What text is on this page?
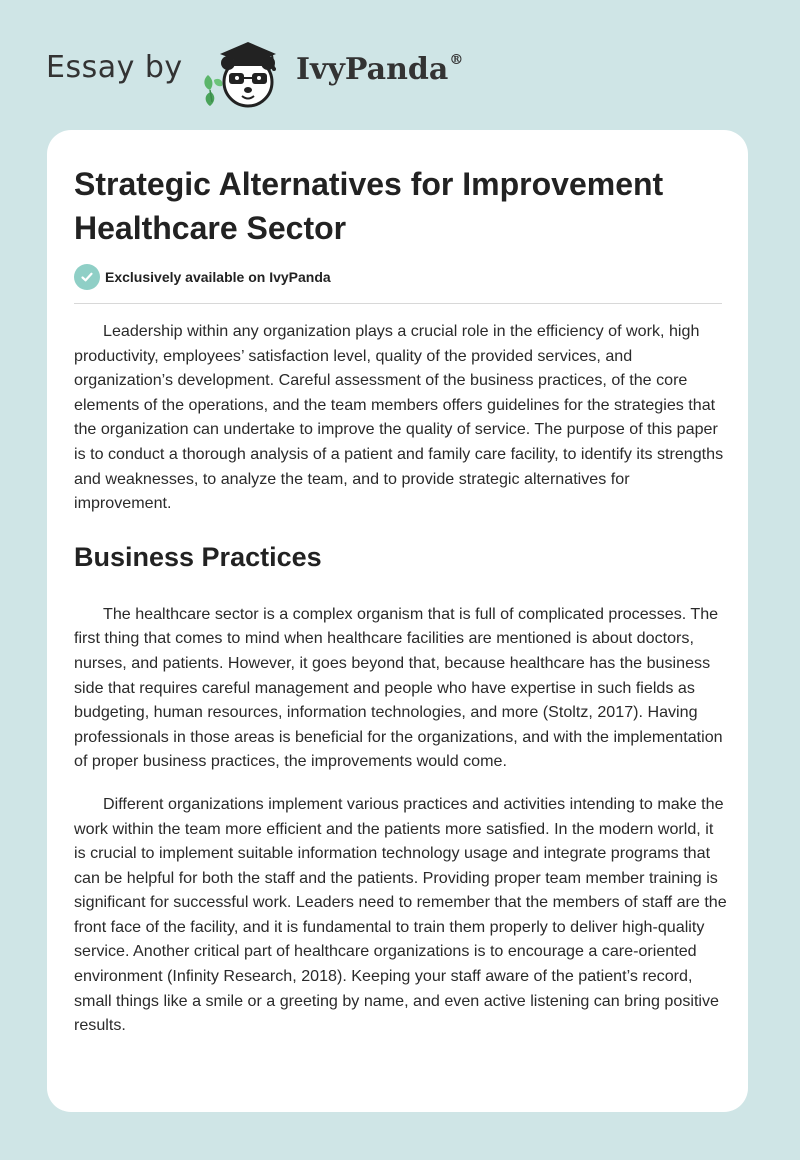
Essay by	IvyPanda®
Strategic Alternatives for Improvement Healthcare Sector
Exclusively available on IvyPanda

Leadership within any organization plays a crucial role in the efficiency of work, high productivity, employees’ satisfaction level, quality of the provided services, and organization’s development. Careful assessment of the business practices, of the core elements of the operations, and the team members offers guidelines for the strategies that the organization can undertake to improve the quality of service. The purpose of this paper is to conduct a thorough analysis of a patient and family care facility, to identify its strengths and weaknesses, to analyze the team, and to provide strategic alternatives for improvement.

Business Practices

The healthcare sector is a complex organism that is full of complicated processes. The first thing that comes to mind when healthcare facilities are mentioned is about doctors, nurses, and patients. However, it goes beyond that, because healthcare has the business side that requires careful management and people who have expertise in such fields as budgeting, human resources, information technologies, and more (Stoltz, 2017). Having professionals in those areas is beneficial for the organizations, and with the implementation of proper business practices, the improvements would come.

Different organizations implement various practices and activities intending to make the work within the team more efficient and the patients more satisfied. In the modern world, it is crucial to implement suitable information technology usage and integrate programs that can be helpful for both the staff and the patients. Providing proper team member training is significant for successful work. Leaders need to remember that the members of staff are the front face of the facility, and it is fundamental to train them properly to deliver high-quality service. Another critical part of healthcare organizations is to encourage a care-oriented environment (Infinity Research, 2018). Keeping your staff aware of the patient’s record, small things like a smile or a greeting by name, and even active listening can bring positive results.
